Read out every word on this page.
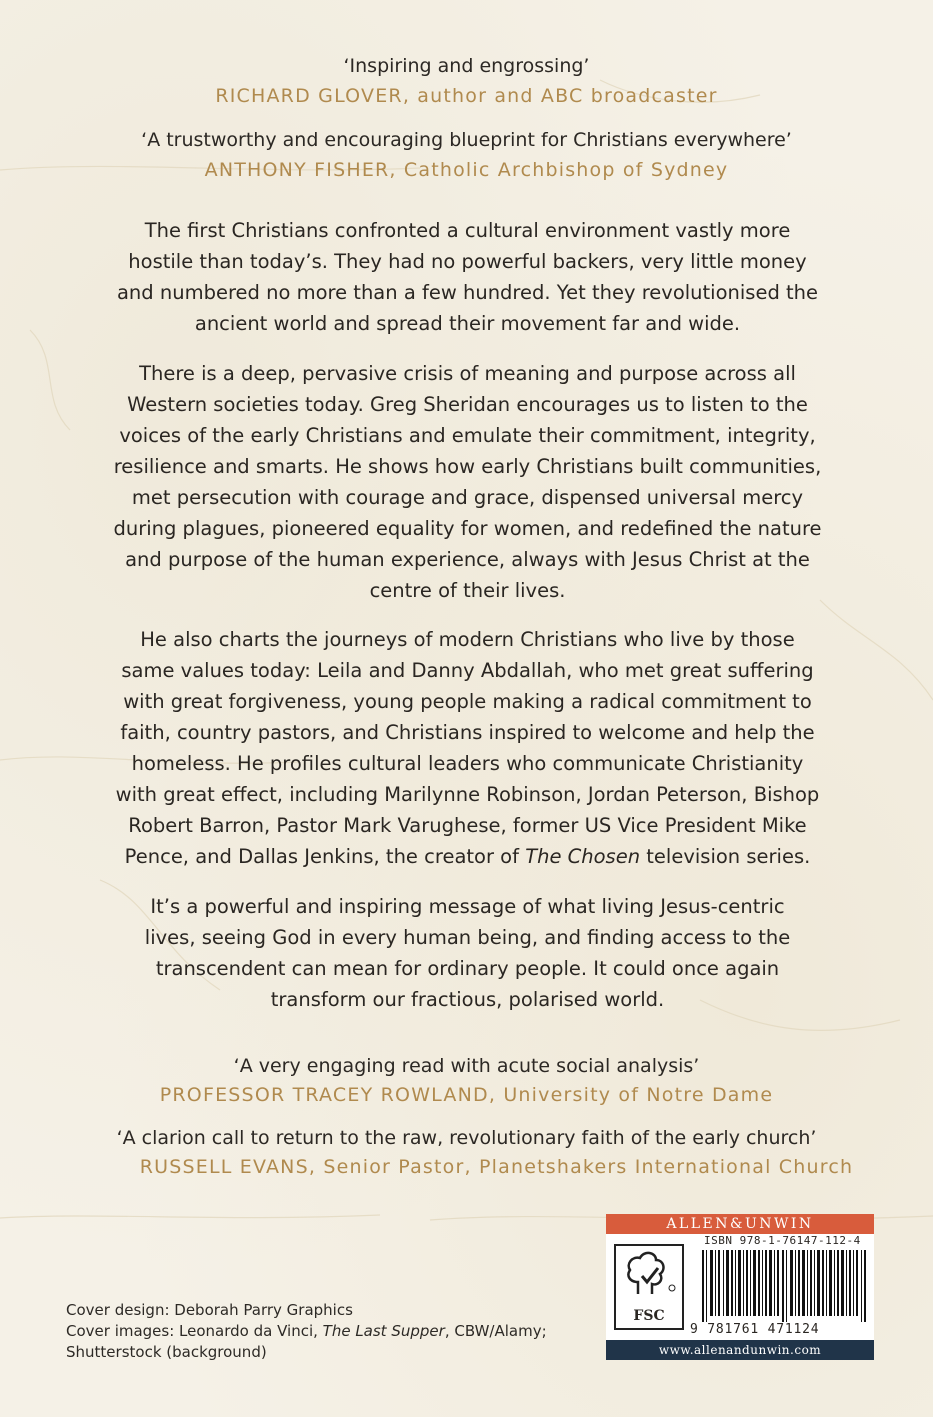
‘Inspiring and engrossing’
RICHARD GLOVER, author and ABC broadcaster
‘A trustworthy and encouraging blueprint for Christians everywhere’
ANTHONY FISHER, Catholic Archbishop of Sydney

The first Christians confronted a cultural environment vastly more

hostile than today’s. They had no powerful backers, very little money

and numbered no more than a few hundred. Yet they revolutionised the

ancient world and spread their movement far and wide.

There is a deep, pervasive crisis of meaning and purpose across all

Western societies today. Greg Sheridan encourages us to listen to the

voices of the early Christians and emulate their commitment, integrity,

resilience and smarts. He shows how early Christians built communities,

met persecution with courage and grace, dispensed universal mercy

during plagues, pioneered equality for women, and redefined the nature

and purpose of the human experience, always with Jesus Christ at the

centre of their lives.

He also charts the journeys of modern Christians who live by those

same values today: Leila and Danny Abdallah, who met great suffering

with great forgiveness, young people making a radical commitment to

faith, country pastors, and Christians inspired to welcome and help the

homeless. He profiles cultural leaders who communicate Christianity

with great effect, including Marilynne Robinson, Jordan Peterson, Bishop

Robert Barron, Pastor Mark Varughese, former US Vice President Mike

Pence, and Dallas Jenkins, the creator of The Chosen television series.

It’s a powerful and inspiring message of what living Jesus-centric

lives, seeing God in every human being, and finding access to the

transcendent can mean for ordinary people. It could once again

transform our fractious, polarised world.

‘A very engaging read with acute social analysis’
PROFESSOR TRACEY ROWLAND, University of Notre Dame
‘A clarion call to return to the raw, revolutionary faith of the early church’
RUSSELL EVANS, Senior Pastor, Planetshakers International Church
Cover design: Deborah Parry Graphics
Cover images: Leonardo da Vinci, The Last Supper, CBW/Alamy;
Shutterstock (background)
ALLEN&UNWIN
FSC
ISBN 978-1-76147-112-4
9 781761 471124
www.allenandunwin.com
